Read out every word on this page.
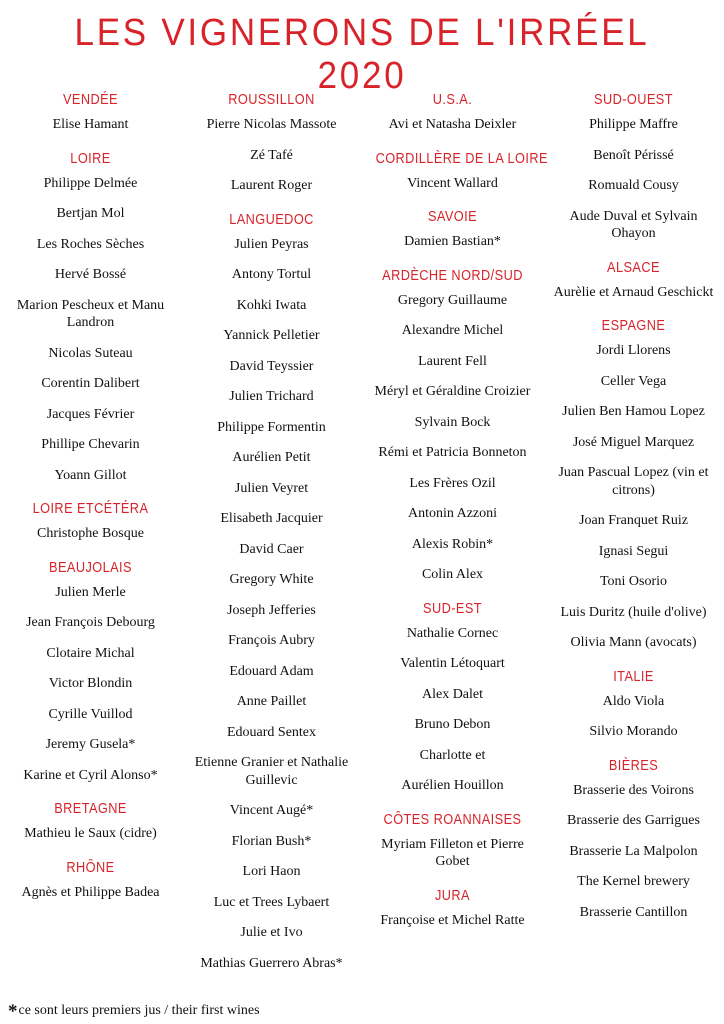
LES VIGNERONS DE L'IRRÉEL 2020
VENDÉE
Elise Hamant
LOIRE
Philippe Delmée
Bertjan Mol
Les Roches Sèches
Hervé Bossé
Marion Pescheux et Manu Landron
Nicolas Suteau
Corentin Dalibert
Jacques Février
Phillipe Chevarin
Yoann Gillot
LOIRE ETCÉTÉRA
Christophe Bosque
BEAUJOLAIS
Julien Merle
Jean François Debourg
Clotaire Michal
Victor Blondin
Cyrille Vuillod
Jeremy Gusela*
Karine et Cyril Alonso*
BRETAGNE
Mathieu le Saux (cidre)
RHÔNE
Agnès et Philippe Badea
ROUSSILLON
Pierre Nicolas Massote
Zé Tafé
Laurent Roger
LANGUEDOC
Julien Peyras
Antony Tortul
Kohki Iwata
Yannick Pelletier
David Teyssier
Julien Trichard
Philippe Formentin
Aurélien Petit
Julien Veyret
Elisabeth Jacquier
David Caer
Gregory White
Joseph Jefferies
François Aubry
Edouard Adam
Anne Paillet
Edouard Sentex
Etienne Granier et Nathalie Guillevic
Vincent Augé*
Florian Bush*
Lori Haon
Luc et Trees Lybaert
Julie et Ivo
Mathias Guerrero Abras*
U.S.A.
Avi et Natasha Deixler
CORDILLÈRE DE LA LOIRE
Vincent Wallard
SAVOIE
Damien Bastian*
ARDÈCHE NORD/SUD
Gregory Guillaume
Alexandre Michel
Laurent Fell
Méryl et Géraldine Croizier
Sylvain Bock
Rémi et Patricia Bonneton
Les Frères Ozil
Antonin Azzoni
Alexis Robin*
Colin Alex
SUD-EST
Nathalie Cornec
Valentin Létoquart
Alex Dalet
Bruno Debon
Charlotte et
Aurélien Houillon
CÔTES ROANNAISES
Myriam Filleton et Pierre Gobet
JURA
Françoise et Michel Ratte
SUD-OUEST
Philippe Maffre
Benoît Périssé
Romuald Cousy
Aude Duval et Sylvain Ohayon
ALSACE
Aurèlie et Arnaud Geschickt
ESPAGNE
Jordi Llorens
Celler Vega
Julien Ben Hamou Lopez
José Miguel Marquez
Juan Pascual Lopez (vin et citrons)
Joan Franquet Ruiz
Ignasi Segui
Toni Osorio
Luis Duritz (huile d'olive)
Olivia Mann (avocats)
ITALIE
Aldo Viola
Silvio Morando
BIÈRES
Brasserie des Voirons
Brasserie des Garrigues
Brasserie La Malpolon
The Kernel brewery
Brasserie Cantillon
*ce sont leurs premiers jus / their first wines
